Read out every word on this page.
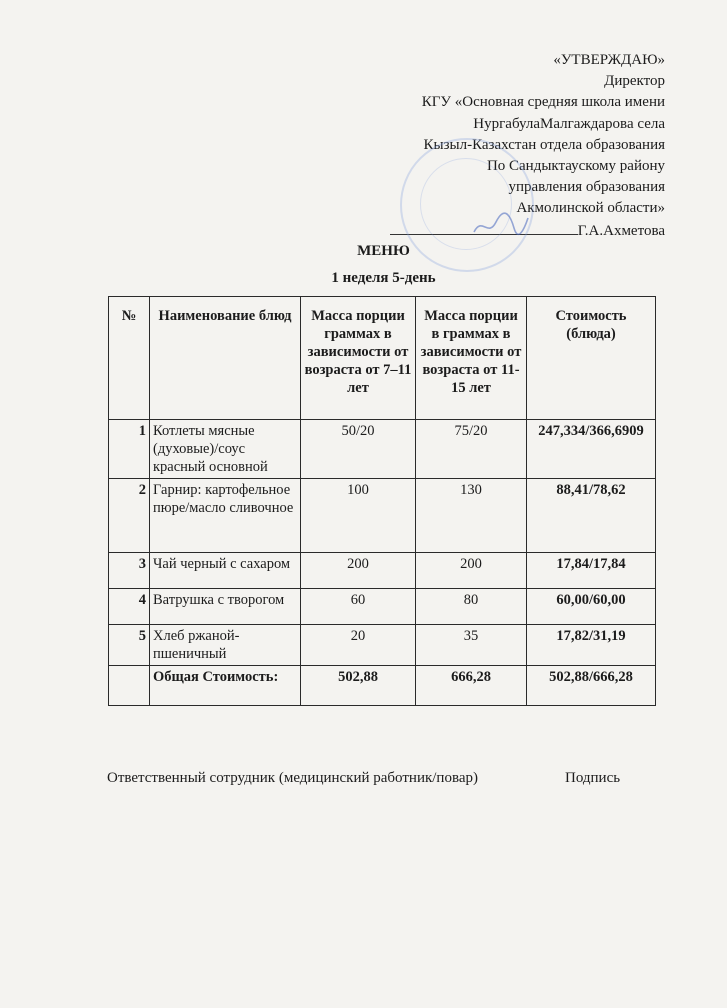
«УТВЕРЖДАЮ»
Директор
КГУ «Основная средняя школа имени
НургабулаМалгаждарова села
Кызыл-Казахстан отдела образования
По Сандыктаускому району
управления образования
Акмолинской области»
Г.А.Ахметова
МЕНЮ
1 неделя 5-день
№	Наименование блюд	Масса порции граммах в зависимости от возраста от 7–11 лет	Масса порции в граммах в зависимости от возраста от 11-15 лет	Стоимость (блюда)
1	Котлеты мясные (духовые)/соус красный основной	50/20	75/20	247,334/366,6909
2	Гарнир: картофельное пюре/масло сливочное	100	130	88,41/78,62
3	Чай черный с сахаром	200	200	17,84/17,84
4	Ватрушка с творогом	60	80	60,00/60,00
5	Хлеб ржаной-пшеничный	20	35	17,82/31,19
	Общая Стоимость:	502,88	666,28	502,88/666,28
Ответственный сотрудник (медицинский работник/повар)	Подпись
